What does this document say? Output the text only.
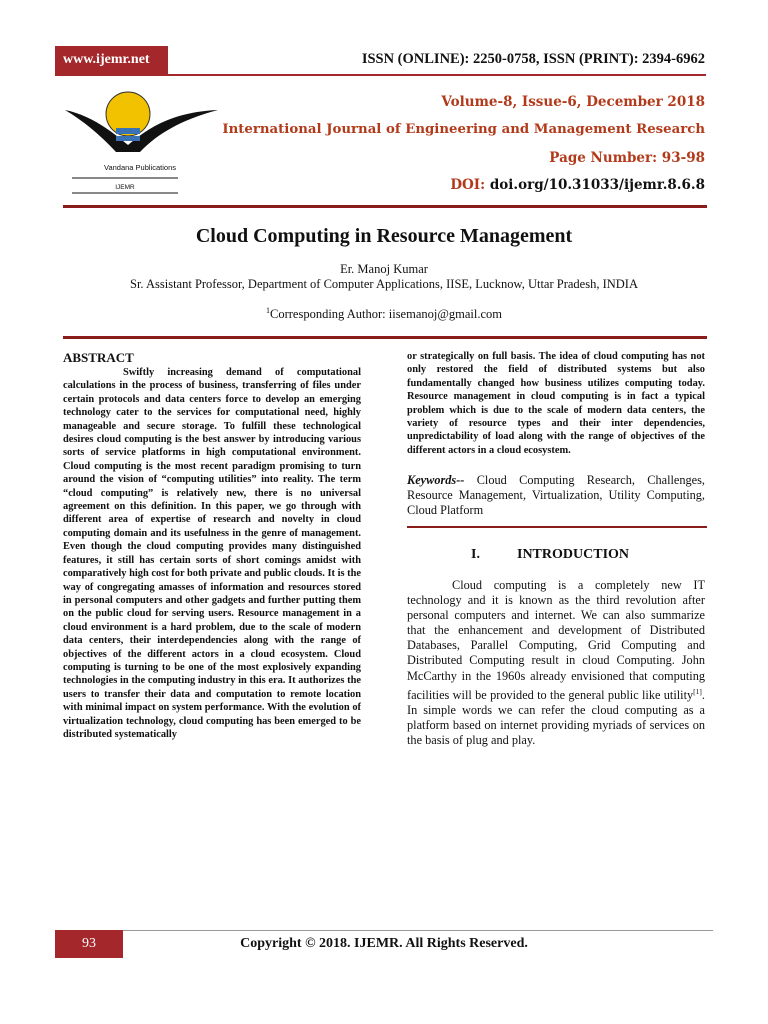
www.ijemr.net	ISSN (ONLINE): 2250-0758, ISSN (PRINT): 2394-6962
Vandana Publications
IJEMR
Volume-8, Issue-6, December 2018
International Journal of Engineering and Management Research
Page Number: 93-98
DOI: doi.org/10.31033/ijemr.8.6.8
Cloud Computing in Resource Management
Er. Manoj Kumar
Sr. Assistant Professor, Department of Computer Applications, IISE, Lucknow, Uttar Pradesh, INDIA
$^1$Corresponding Author: iisemanoj@gmail.com
ABSTRACT
Swiftly increasing demand of computational calculations in the process of business, transferring of files under certain protocols and data centers force to develop an emerging technology cater to the services for computational need, highly manageable and secure storage. To fulfill these technological desires cloud computing is the best answer by introducing various sorts of service platforms in high computational environment. Cloud computing is the most recent paradigm promising to turn around the vision of “computing utilities” into reality. The term “cloud computing” is relatively new, there is no universal agreement on this definition. In this paper, we go through with different area of expertise of research and novelty in cloud computing domain and its usefulness in the genre of management. Even though the cloud computing provides many distinguished features, it still has certain sorts of short comings amidst with comparatively high cost for both private and public clouds. It is the way of congregating amasses of information and resources stored in personal computers and other gadgets and further putting them on the public cloud for serving users. Resource management in a cloud environment is a hard problem, due to the scale of modern data centers, their interdependencies along with the range of objectives of the different actors in a cloud ecosystem. Cloud computing is turning to be one of the most explosively expanding technologies in the computing industry in this era. It authorizes the users to transfer their data and computation to remote location with minimal impact on system performance. With the evolution of virtualization technology, cloud computing has been emerged to be distributed systematically
or strategically on full basis. The idea of cloud computing has not only restored the field of distributed systems but also fundamentally changed how business utilizes computing today. Resource management in cloud computing is in fact a typical problem which is due to the scale of modern data centers, the variety of resource types and their inter dependencies, unpredictability of load along with the range of objectives of the different actors in a cloud ecosystem.
Keywords-- Cloud Computing Research, Challenges, Resource Management, Virtualization, Utility Computing, Cloud Platform
I.	INTRODUCTION
Cloud computing is a completely new IT technology and it is known as the third revolution after personal computers and internet. We can also summarize that the enhancement and development of Distributed Databases, Parallel Computing, Grid Computing and Distributed Computing result in cloud Computing. John McCarthy in the 1960s already envisioned that computing facilities will be provided to the general public like utility[1]. In simple words we can refer the cloud computing as a platform based on internet providing myriads of services on the basis of plug and play.
93	Copyright © 2018. IJEMR. All Rights Reserved.
